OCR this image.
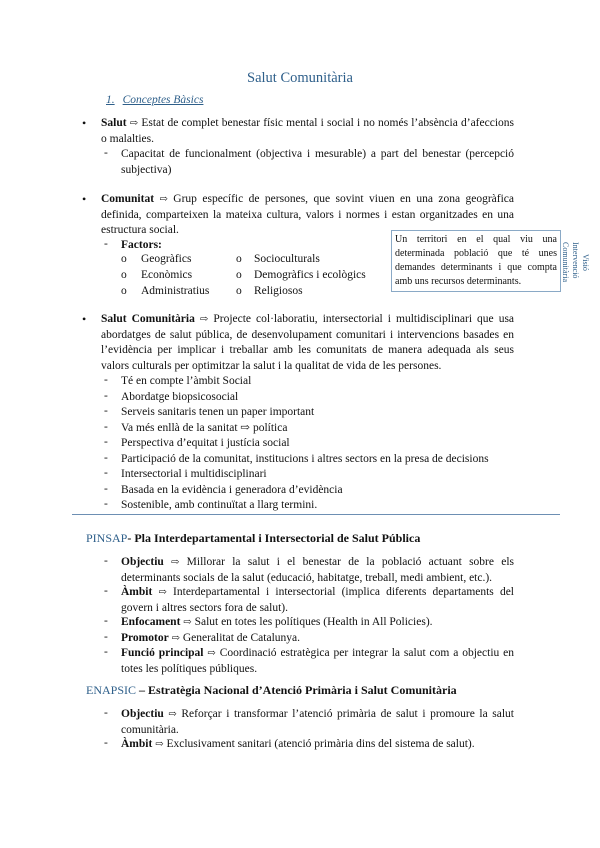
Salut Comunitària
1. Conceptes Bàsics
• Salut ⇨ Estat de complet benestar físic mental i social i no només l’absència d’afeccions o malalties.
- Capacitat de funcionalment (objectiva i mesurable) a part del benestar (percepció subjectiva)
• Comunitat ⇨ Grup específic de persones, que sovint viuen en una zona geogràfica definida, comparteixen la mateixa cultura, valors i normes i estan organitzades en una estructura social.
- Factors:
o	Geogràfics	o	Socioculturals
o	Econòmics	o	Demogràfics i ecològics
o	Administratius o	Religiosos
Un territori en el qual viu una determinada població que té unes demandes determinants i que compta amb uns recursos determinants.
Visió
Intervenció
Comunitària
• Salut Comunitària ⇨ Projecte col·laboratiu, intersectorial i multidisciplinari que usa abordatges de salut pública, de desenvolupament comunitari i intervencions basades en l’evidència per implicar i treballar amb les comunitats de manera adequada als seus valors culturals per optimitzar la salut i la qualitat de vida de les persones.
- Té en compte l’àmbit Social
- Abordatge biopsicosocial
- Serveis sanitaris tenen un paper important
- Va més enllà de la sanitat ⇨ política
- Perspectiva d’equitat i justícia social
- Participació de la comunitat, institucions i altres sectors en la presa de decisions
- Intersectorial i multidisciplinari
- Basada en la evidència i generadora d’evidència
- Sostenible, amb continuïtat a llarg termini.
PINSAP- Pla Interdepartamental i Intersectorial de Salut Pública
- Objectiu ⇨ Millorar la salut i el benestar de la població actuant sobre els determinants socials de la salut (educació, habitatge, treball, medi ambient, etc.).
- Àmbit ⇨ Interdepartamental i intersectorial (implica diferents departaments del govern i altres sectors fora de salut).
- Enfocament ⇨ Salut en totes les polítiques (Health in All Policies).
- Promotor ⇨ Generalitat de Catalunya.
- Funció principal ⇨ Coordinació estratègica per integrar la salut com a objectiu en totes les polítiques públiques.
ENAPSIC – Estratègia Nacional d’Atenció Primària i Salut Comunitària
- Objectiu ⇨ Reforçar i transformar l’atenció primària de salut i promoure la salut comunitària.
- Àmbit ⇨ Exclusivament sanitari (atenció primària dins del sistema de salut).
